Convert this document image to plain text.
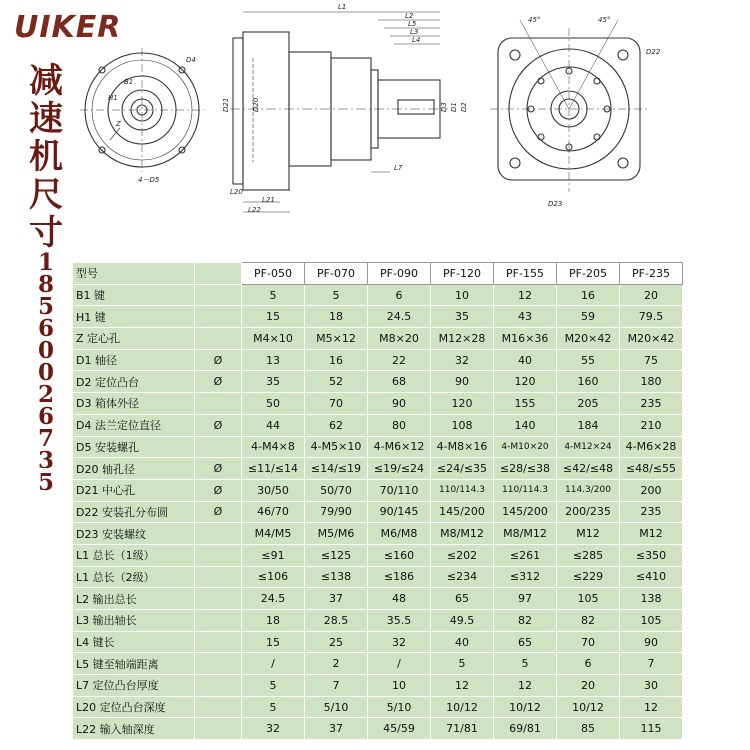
UIKER
减
速
机
尺
寸
1
8
5
6
0
0
2
6
7
3
5
B1
H1
Z
D4
4－D5
L1
L2
L5
L3
L4
L7
D21	D20	D3 D1 D2
L20
L21
L22
45°	45°
D22
D23
型号		PF-050	PF-070	PF-090	PF-120	PF-155	PF-205	PF-235
B1 键		5	5	6	10	12	16	20
H1 键		15	18	24.5	35	43	59	79.5
Z 定心孔		M4×10	M5×12	M8×20	M12×28	M16×36	M20×42	M20×42
D1 轴径	Ø	13	16	22	32	40	55	75
D2 定位凸台	Ø	35	52	68	90	120	160	180
D3 箱体外径		50	70	90	120	155	205	235
D4 法兰定位直径	Ø	44	62	80	108	140	184	210
D5 安装螺孔		4-M4×8	4-M5×10	4-M6×12	4-M8×16	4-M10×20	4-M12×24	4-M6×28
D20 轴孔径	Ø	≤11/≤14	≤14/≤19	≤19/≤24	≤24/≤35	≤28/≤38	≤42/≤48	≤48/≤55
D21 中心孔	Ø	30/50	50/70	70/110	110/114.3	110/114.3	114.3/200	200
D22 安装孔分布圆	Ø	46/70	79/90	90/145	145/200	145/200	200/235	235
D23 安装螺纹		M4/M5	M5/M6	M6/M8	M8/M12	M8/M12	M12	M12
L1 总长（1级）		≤91	≤125	≤160	≤202	≤261	≤285	≤350
L1 总长（2级）		≤106	≤138	≤186	≤234	≤312	≤229	≤410
L2 输出总长		24.5	37	48	65	97	105	138
L3 输出轴长		18	28.5	35.5	49.5	82	82	105
L4 键长		15	25	32	40	65	70	90
L5 键至轴端距离		/	2	/	5	5	6	7
L7 定位凸台厚度		5	7	10	12	12	20	30
L20 定位凸台深度		5	5/10	5/10	10/12	10/12	10/12	12
L22 输入轴深度		32	37	45/59	71/81	69/81	85	115
